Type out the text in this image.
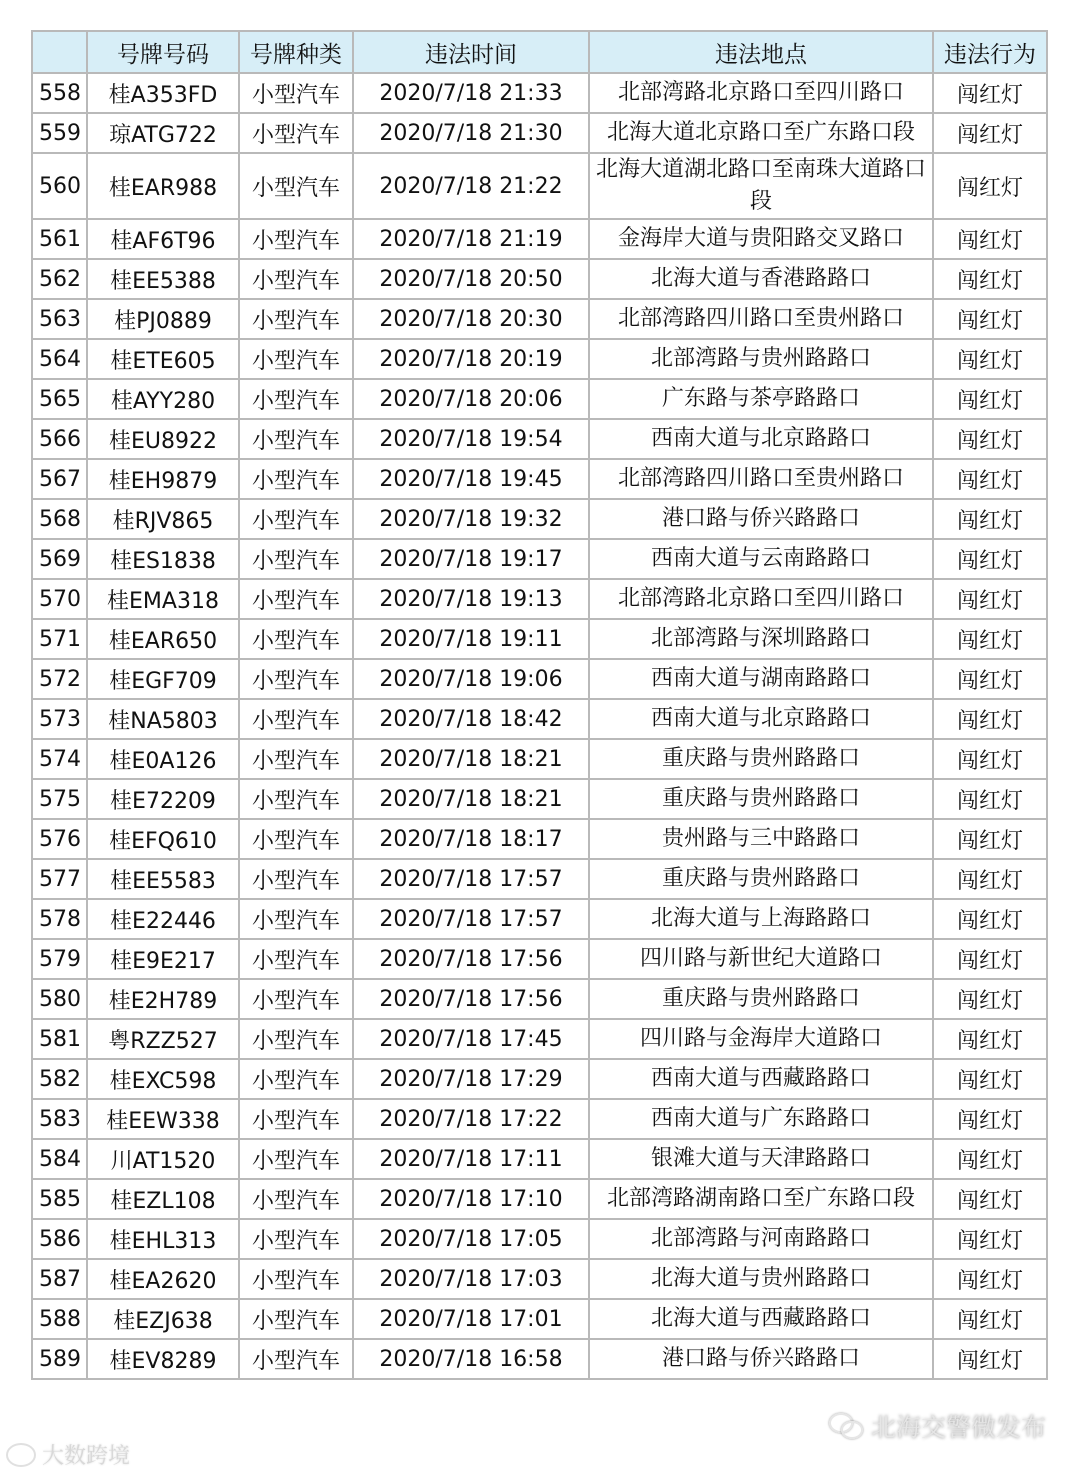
	号牌号码	号牌种类	违法时间	违法地点	违法行为
558	桂A353FD	小型汽车	2020/7/18 21:33	北部湾路北京路口至四川路口	闯红灯
559	琼ATG722	小型汽车	2020/7/18 21:30	北海大道北京路口至广东路口段	闯红灯
560	桂EAR988	小型汽车	2020/7/18 21:22	北海大道湖北路口至南珠大道路口段	闯红灯
561	桂AF6T96	小型汽车	2020/7/18 21:19	金海岸大道与贵阳路交叉路口	闯红灯
562	桂EE5388	小型汽车	2020/7/18 20:50	北海大道与香港路路口	闯红灯
563	桂PJ0889	小型汽车	2020/7/18 20:30	北部湾路四川路口至贵州路口	闯红灯
564	桂ETE605	小型汽车	2020/7/18 20:19	北部湾路与贵州路路口	闯红灯
565	桂AYY280	小型汽车	2020/7/18 20:06	广东路与茶亭路路口	闯红灯
566	桂EU8922	小型汽车	2020/7/18 19:54	西南大道与北京路路口	闯红灯
567	桂EH9879	小型汽车	2020/7/18 19:45	北部湾路四川路口至贵州路口	闯红灯
568	桂RJV865	小型汽车	2020/7/18 19:32	港口路与侨兴路路口	闯红灯
569	桂ES1838	小型汽车	2020/7/18 19:17	西南大道与云南路路口	闯红灯
570	桂EMA318	小型汽车	2020/7/18 19:13	北部湾路北京路口至四川路口	闯红灯
571	桂EAR650	小型汽车	2020/7/18 19:11	北部湾路与深圳路路口	闯红灯
572	桂EGF709	小型汽车	2020/7/18 19:06	西南大道与湖南路路口	闯红灯
573	桂NA5803	小型汽车	2020/7/18 18:42	西南大道与北京路路口	闯红灯
574	桂E0A126	小型汽车	2020/7/18 18:21	重庆路与贵州路路口	闯红灯
575	桂E72209	小型汽车	2020/7/18 18:21	重庆路与贵州路路口	闯红灯
576	桂EFQ610	小型汽车	2020/7/18 18:17	贵州路与三中路路口	闯红灯
577	桂EE5583	小型汽车	2020/7/18 17:57	重庆路与贵州路路口	闯红灯
578	桂E22446	小型汽车	2020/7/18 17:57	北海大道与上海路路口	闯红灯
579	桂E9E217	小型汽车	2020/7/18 17:56	四川路与新世纪大道路口	闯红灯
580	桂E2H789	小型汽车	2020/7/18 17:56	重庆路与贵州路路口	闯红灯
581	粤RZZ527	小型汽车	2020/7/18 17:45	四川路与金海岸大道路口	闯红灯
582	桂EXC598	小型汽车	2020/7/18 17:29	西南大道与西藏路路口	闯红灯
583	桂EEW338	小型汽车	2020/7/18 17:22	西南大道与广东路路口	闯红灯
584	川AT1520	小型汽车	2020/7/18 17:11	银滩大道与天津路路口	闯红灯
585	桂EZL108	小型汽车	2020/7/18 17:10	北部湾路湖南路口至广东路口段	闯红灯
586	桂EHL313	小型汽车	2020/7/18 17:05	北部湾路与河南路路口	闯红灯
587	桂EA2620	小型汽车	2020/7/18 17:03	北海大道与贵州路路口	闯红灯
588	桂EZJ638	小型汽车	2020/7/18 17:01	北海大道与西藏路路口	闯红灯
589	桂EV8289	小型汽车	2020/7/18 16:58	港口路与侨兴路路口	闯红灯
大数跨境
北海交警微发布
